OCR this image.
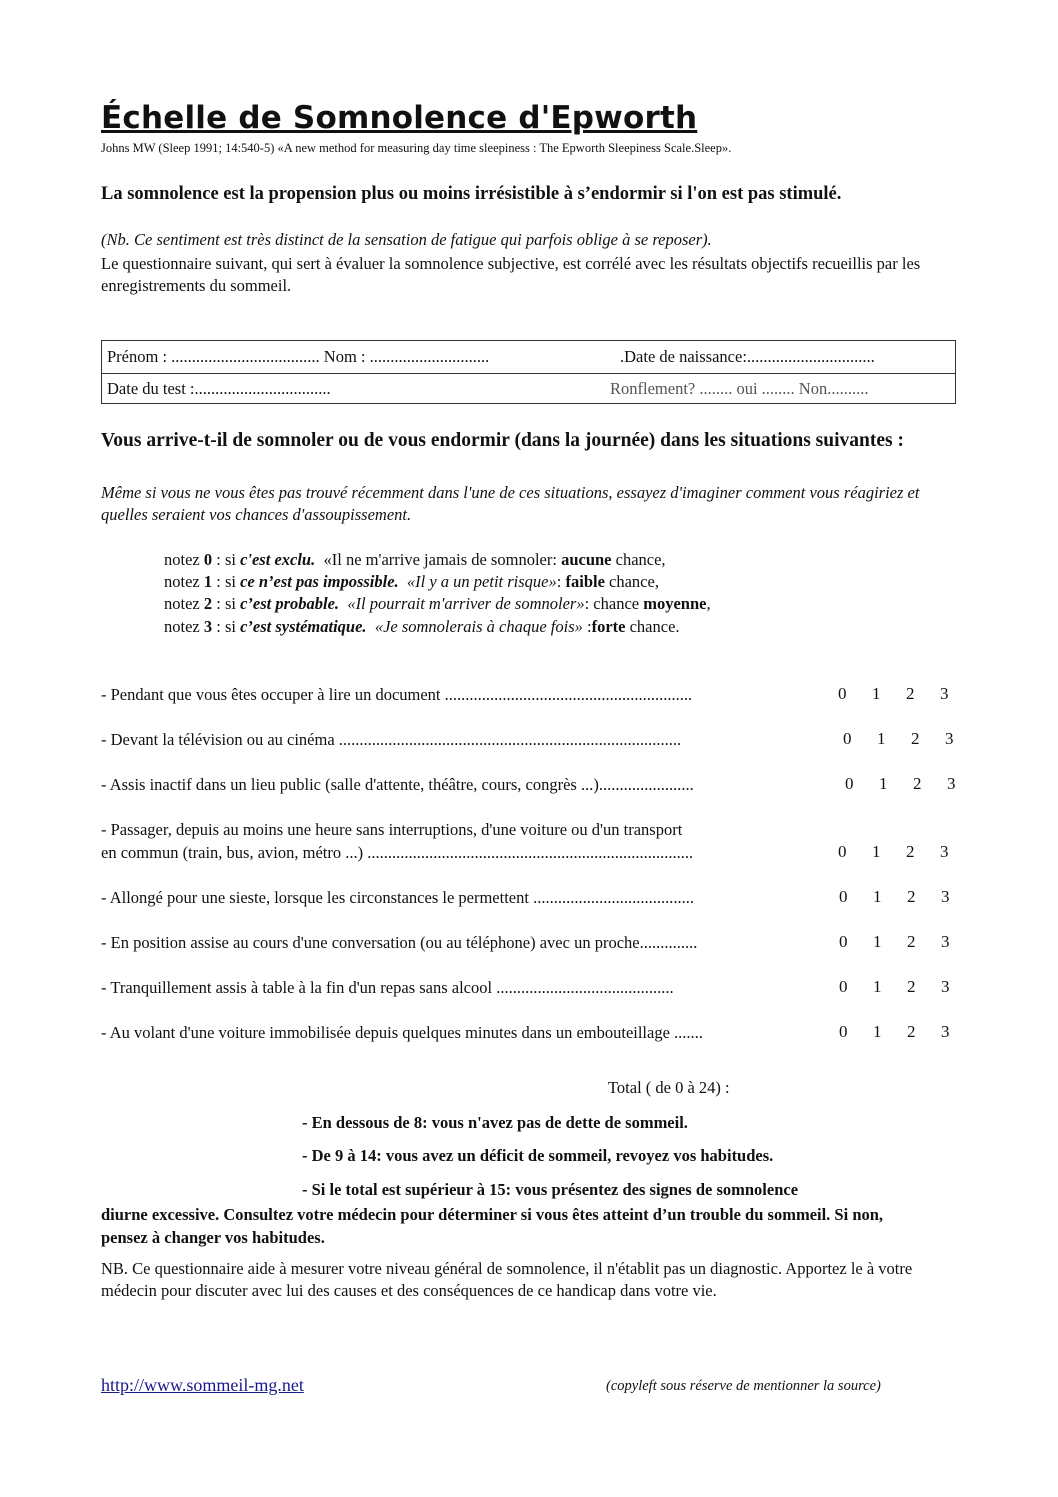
Échelle de Somnolence d'Epworth
Johns MW (Sleep 1991; 14:540-5) «A new method for measuring day time sleepiness : The Epworth Sleepiness Scale.Sleep».
La somnolence est la propension plus ou moins irrésistible à s’endormir si l'on est pas stimulé.
(Nb. Ce sentiment est très distinct de la sensation de fatigue qui parfois oblige à se reposer).
Le questionnaire suivant, qui sert à évaluer la somnolence subjective, est corrélé avec les résultats objectifs recueillis par les enregistrements du sommeil.
Prénom : .................................... Nom : .............................	.Date de naissance:...............................
Date du test :.................................	Ronflement? ........ oui ........ Non..........
Vous arrive-t-il de somnoler ou de vous endormir (dans la journée) dans les situations suivantes :
Même si vous ne vous êtes pas trouvé récemment dans l'une de ces situations, essayez d'imaginer comment vous réagiriez et quelles seraient vos chances d'assoupissement.
notez 0 : si c'est exclu. «Il ne m'arrive jamais de somnoler: aucune chance,
notez 1 : si ce n’est pas impossible. «Il y a un petit risque»: faible chance,
notez 2 : si c’est probable. «Il pourrait m'arriver de somnoler»: chance moyenne,
notez 3 : si c’est systématique. «Je somnolerais à chaque fois» :forte chance.
- Pendant que vous êtes occuper à lire un document ............................................................	0	1	2	3
- Devant la télévision ou au cinéma ...................................................................................	0	1	2	3
- Assis inactif dans un lieu public (salle d'attente, théâtre, cours, congrès ...).......................	0	1	2	3
- Passager, depuis au moins une heure sans interruptions, d'une voiture ou d'un transport
en commun (train, bus, avion, métro ...) ...............................................................................	0	1	2	3
- Allongé pour une sieste, lorsque les circonstances le permettent .......................................	0	1	2	3
- En position assise au cours d'une conversation (ou au téléphone) avec un proche..............	0	1	2	3
- Tranquillement assis à table à la fin d'un repas sans alcool ...........................................	0	1	2	3
- Au volant d'une voiture immobilisée depuis quelques minutes dans un embouteillage .......	0	1	2	3
Total ( de 0 à 24) :
- En dessous de 8: vous n'avez pas de dette de sommeil.
- De 9 à 14: vous avez un déficit de sommeil, revoyez vos habitudes.
- Si le total est supérieur à 15: vous présentez des signes de somnolence
diurne excessive. Consultez votre médecin pour déterminer si vous êtes atteint d’un trouble du sommeil. Si non, pensez à changer vos habitudes.
NB. Ce questionnaire aide à mesurer votre niveau général de somnolence, il n'établit pas un diagnostic. Apportez le à votre médecin pour discuter avec lui des causes et des conséquences de ce handicap dans votre vie.
http://www.sommeil-mg.net	(copyleft sous réserve de mentionner la source)
